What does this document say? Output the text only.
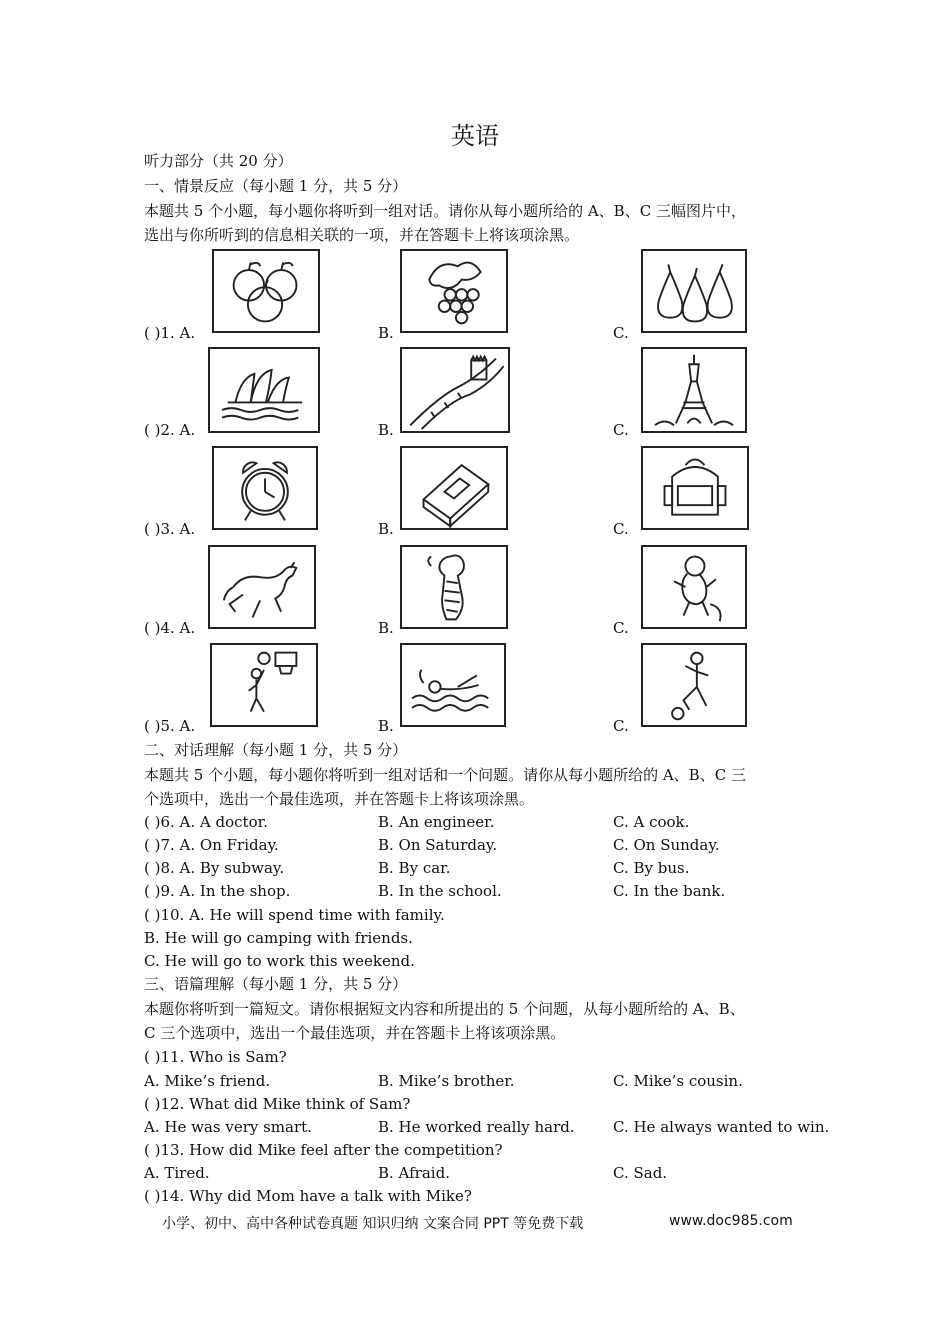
英语
听力部分（共 20 分）
一、情景反应（每小题 1 分，共 5 分）
本题共 5 个小题，每小题你将听到一组对话。请你从每小题所给的 A、B、C 三幅图片中，
选出与你所听到的信息相关联的一项，并在答题卡上将该项涂黑。
( )1. A.	B.	C.
( )2. A.	B.	C.
( )3. A.	B.	C.
( )4. A.	B.	C.
( )5. A.	B.	C.
二、对话理解（每小题 1 分，共 5 分）
本题共 5 个小题，每小题你将听到一组对话和一个问题。请你从每小题所给的 A、B、C 三
个选项中，选出一个最佳选项，并在答题卡上将该项涂黑。
( )6. A. A doctor.	B. An engineer.	C. A cook.
( )7. A. On Friday.	B. On Saturday.	C. On Sunday.
( )8. A. By subway.	B. By car.	C. By bus.
( )9. A. In the shop.	B. In the school.	C. In the bank.
( )10. A. He will spend time with family.
B. He will go camping with friends.
C. He will go to work this weekend.
三、语篇理解（每小题 1 分，共 5 分）
本题你将听到一篇短文。请你根据短文内容和所提出的 5 个问题，从每小题所给的 A、B、
C 三个选项中，选出一个最佳选项，并在答题卡上将该项涂黑。
( )11. Who is Sam?
A. Mike’s friend.	B. Mike’s brother.	C. Mike’s cousin.
( )12. What did Mike think of Sam?
A. He was very smart.	B. He worked really hard.	C. He always wanted to win.
( )13. How did Mike feel after the competition?
A. Tired.	B. Afraid.	C. Sad.
( )14. Why did Mom have a talk with Mike?
小学、初中、高中各种试卷真题 知识归纳 文案合同 PPT 等免费下载	www.doc985.com
